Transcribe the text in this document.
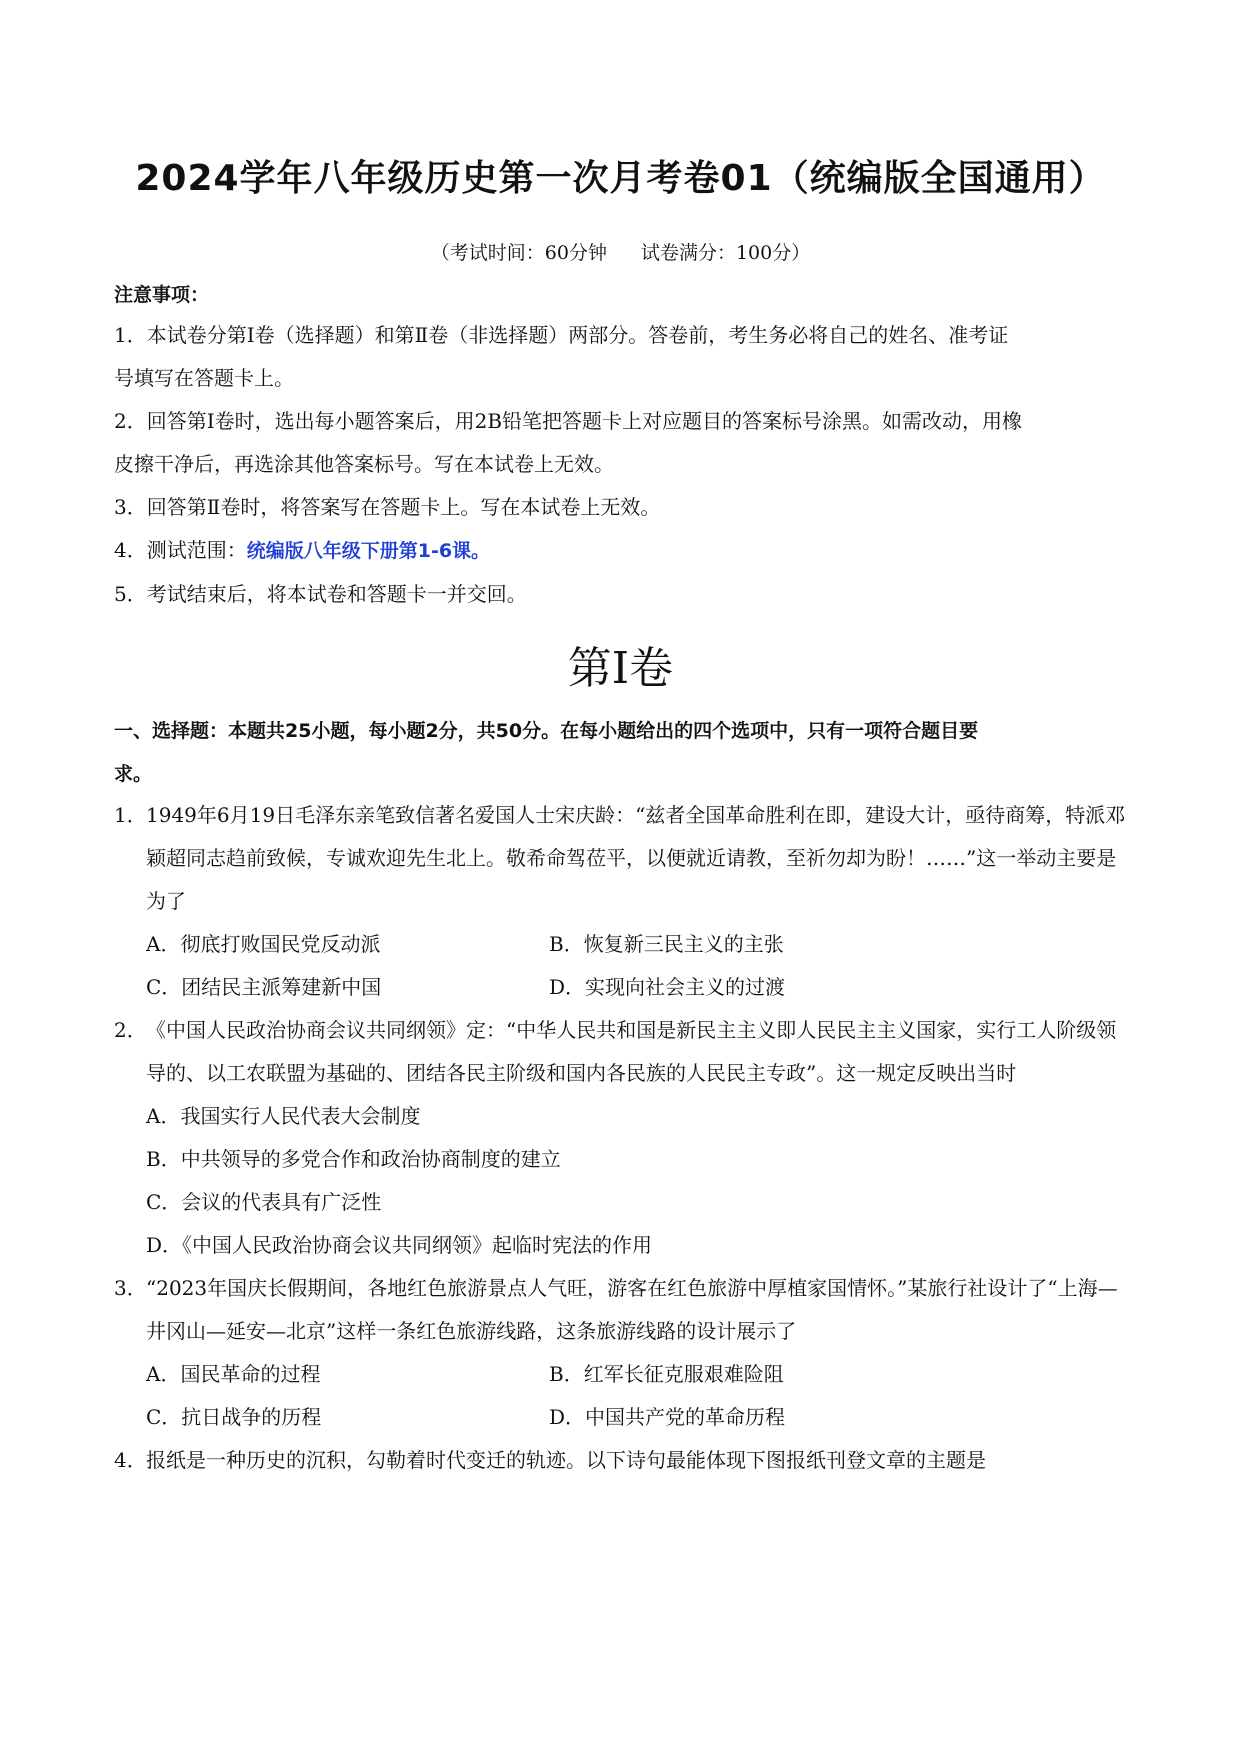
2024学年八年级历史第一次月考卷01（统编版全国通用）
（考试时间：60分钟 试卷满分：100分）
注意事项：
1．本试卷分第Ⅰ卷（选择题）和第Ⅱ卷（非选择题）两部分。答卷前，考生务必将自己的姓名、准考证
号填写在答题卡上。
2．回答第Ⅰ卷时，选出每小题答案后，用2B铅笔把答题卡上对应题目的答案标号涂黑。如需改动，用橡
皮擦干净后，再选涂其他答案标号。写在本试卷上无效。
3．回答第Ⅱ卷时，将答案写在答题卡上。写在本试卷上无效。
4．测试范围：统编版八年级下册第1-6课。
5．考试结束后，将本试卷和答题卡一并交回。
第Ⅰ卷
一、选择题：本题共25小题，每小题2分，共50分。在每小题给出的四个选项中，只有一项符合题目要
求。
1．1949年6月19日毛泽东亲笔致信著名爱国人士宋庆龄：“兹者全国革命胜利在即，建设大计，亟待商筹，特派邓颖超同志趋前致候，专诚欢迎先生北上。敬希命驾莅平，以便就近请教，至祈勿却为盼！……”这一举动主要是为了
A．彻底打败国民党反动派	B．恢复新三民主义的主张
C．团结民主派筹建新中国	D．实现向社会主义的过渡
2．《中国人民政治协商会议共同纲领》定：“中华人民共和国是新民主主义即人民民主主义国家，实行工人阶级领导的、以工农联盟为基础的、团结各民主阶级和国内各民族的人民民主专政”。这一规定反映出当时
A．我国实行人民代表大会制度
B．中共领导的多党合作和政治协商制度的建立
C．会议的代表具有广泛性
D．《中国人民政治协商会议共同纲领》起临时宪法的作用
3．“2023年国庆长假期间，各地红色旅游景点人气旺，游客在红色旅游中厚植家国情怀。”某旅行社设计了“上海—井冈山—延安—北京”这样一条红色旅游线路，这条旅游线路的设计展示了
A．国民革命的过程	B．红军长征克服艰难险阻
C．抗日战争的历程	D．中国共产党的革命历程
4．报纸是一种历史的沉积，勾勒着时代变迁的轨迹。以下诗句最能体现下图报纸刊登文章的主题是
